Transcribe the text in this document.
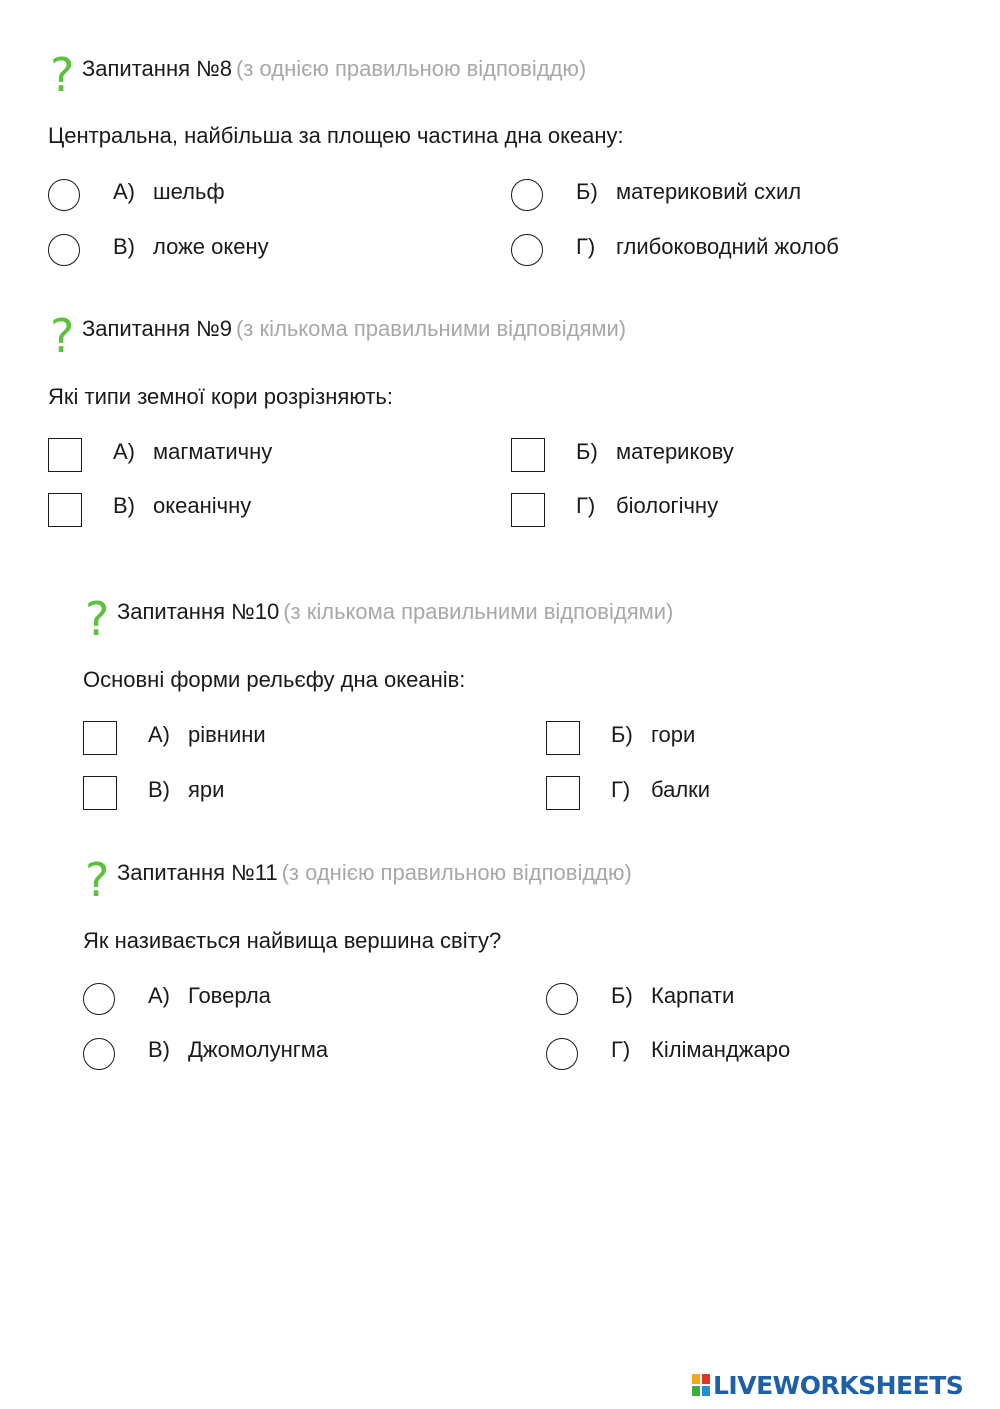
? Запитання №8 (з однією правильною відповіддю)
Центральна, найбільша за площею частина дна океану:
А) шельф	Б) материковий схил
В) ложе окену	Г) глибоководний жолоб
? Запитання №9 (з кількома правильними відповідями)
Які типи земної кори розрізняють:
А) магматичну	Б) материкову
В) океанічну	Г) біологічну
? Запитання №10 (з кількома правильними відповідями)
Основні форми рельєфу дна океанів:
А) рівнини	Б) гори
В) яри	Г) балки
? Запитання №11 (з однією правильною відповіддю)
Як називається найвища вершина світу?
А) Говерла	Б) Карпати
В) Джомолунгма	Г) Кіліманджаро
LIVEWORKSHEETS
